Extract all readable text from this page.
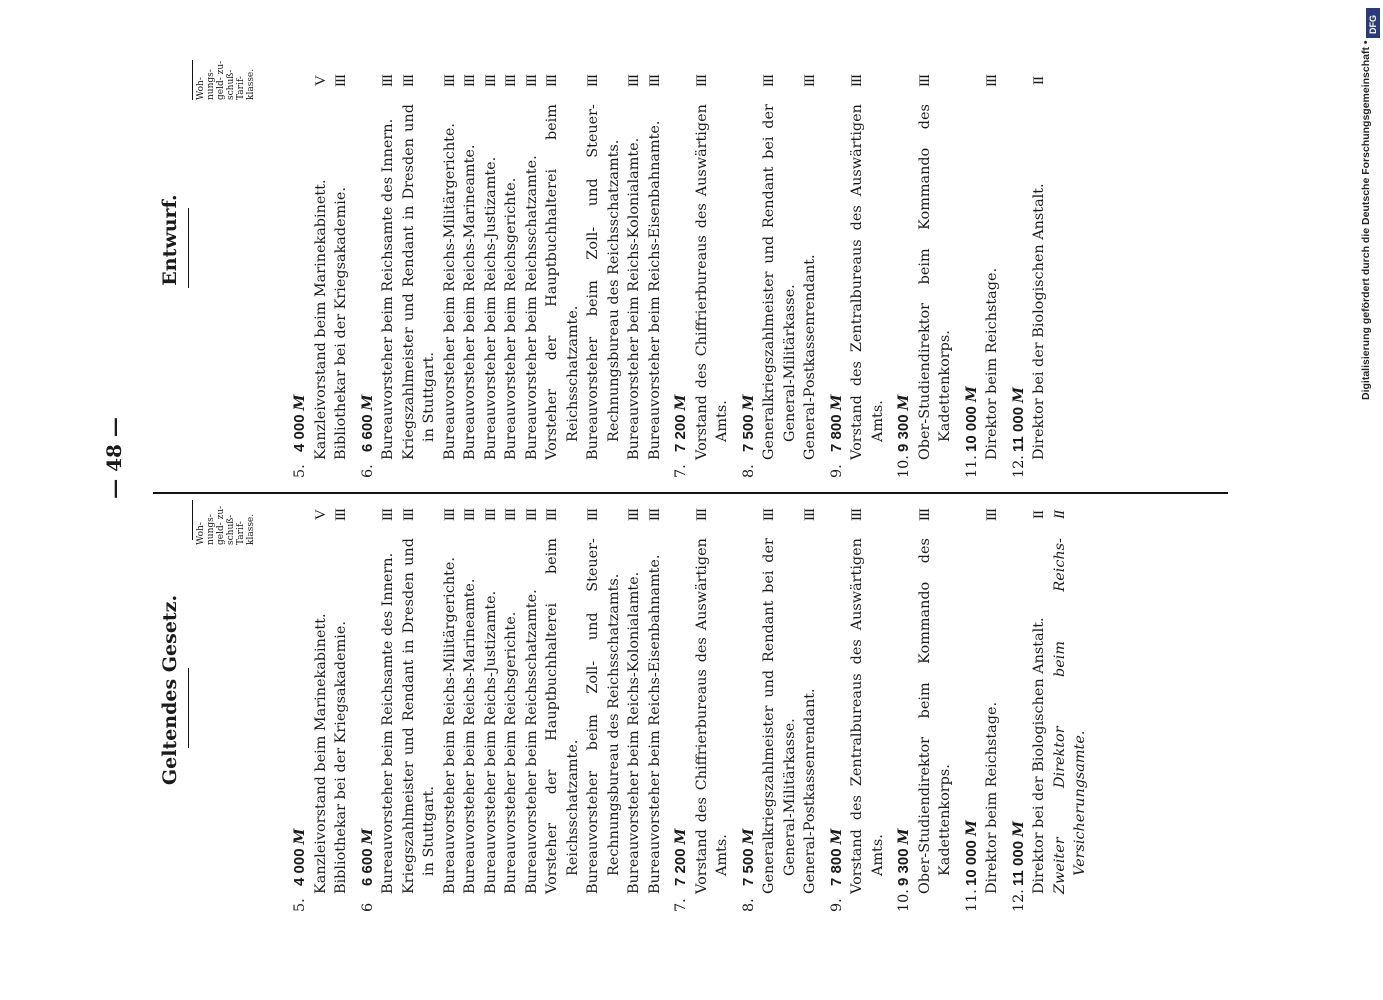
— 48 —
Geltendes Gesetz.
Entwurf.
Woh- nungs- geld- zu- schuß- Tarif- klasse.
Woh- nungs- geld- zu- schuß- Tarif- klasse.
5.4 000M Kanzleivorstand beim Marinekabinett.
V
Bibliothekar bei der Kriegsakademie.
III
66 600M Bureauvorsteher beim Reichsamte des Innern.
III
Kriegszahlmeister und Rendant in Dresden und in Stuttgart.
III
Bureauvorsteher beim Reichs-Militärgerichte.
III
Bureauvorsteher beim Reichs-Marineamte.
III
Bureauvorsteher beim Reichs-Justizamte.
III
Bureauvorsteher beim Reichsgerichte.
III
Bureauvorsteher beim Reichsschatzamte.
III
Vorsteher der Hauptbuchhalterei beim Reichsschatzamte.
III
Bureauvorsteher beim Zoll- und Steuer-Rechnungsbureau des Reichsschatzamts.
III
Bureauvorsteher beim Reichs-Kolonialamte.
III
Bureauvorsteher beim Reichs-Eisenbahnamte.
III
7.7 200M Vorstand des Chiffrierbureaus des Auswärtigen Amts.
III
8.7 500M Generalkriegszahlmeister und Rendant bei der General-Militärkasse.
III
General-Postkassenrendant.
III
9.7 800M Vorstand des Zentralbureaus des Auswärtigen Amts.
III
10.9 300M Ober-Studiendirektor beim Kommando des Kadettenkorps.
III
11.10 000M Direktor beim Reichstage.
III
12.11 000M Direktor bei der Biologischen Anstalt.
II
Zweiter Direktor beim Reichs-Versicherungsamte.
II
5.4 000M Kanzleivorstand beim Marinekabinett.
V
Bibliothekar bei der Kriegsakademie.
III
6.6 600M Bureauvorsteher beim Reichsamte des Innern.
III
Kriegszahlmeister und Rendant in Dresden und in Stuttgart.
III
Bureauvorsteher beim Reichs-Militärgerichte.
III
Bureauvorsteher beim Reichs-Marineamte.
III
Bureauvorsteher beim Reichs-Justizamte.
III
Bureauvorsteher beim Reichsgerichte.
III
Bureauvorsteher beim Reichsschatzamte.
III
Vorsteher der Hauptbuchhalterei beim Reichsschatzamte.
III
Bureauvorsteher beim Zoll- und Steuer-Rechnungsbureau des Reichsschatzamts.
III
Bureauvorsteher beim Reichs-Kolonialamte.
III
Bureauvorsteher beim Reichs-Eisenbahnamte.
III
7.7 200M Vorstand des Chiffrierbureaus des Auswärtigen Amts.
III
8.7 500M Generalkriegszahlmeister und Rendant bei der General-Militärkasse.
III
General-Postkassenrendant.
III
9.7 800M Vorstand des Zentralbureaus des Auswärtigen Amts.
III
10.9 300M Ober-Studiendirektor beim Kommando des Kadettenkorps.
III
11.10 000M Direktor beim Reichstage.
III
12.11 000M Direktor bei der Biologischen Anstalt.
II	Digitalisierung gefördert durch die Deutsche Forschungsgemeinschaft •
DFG
